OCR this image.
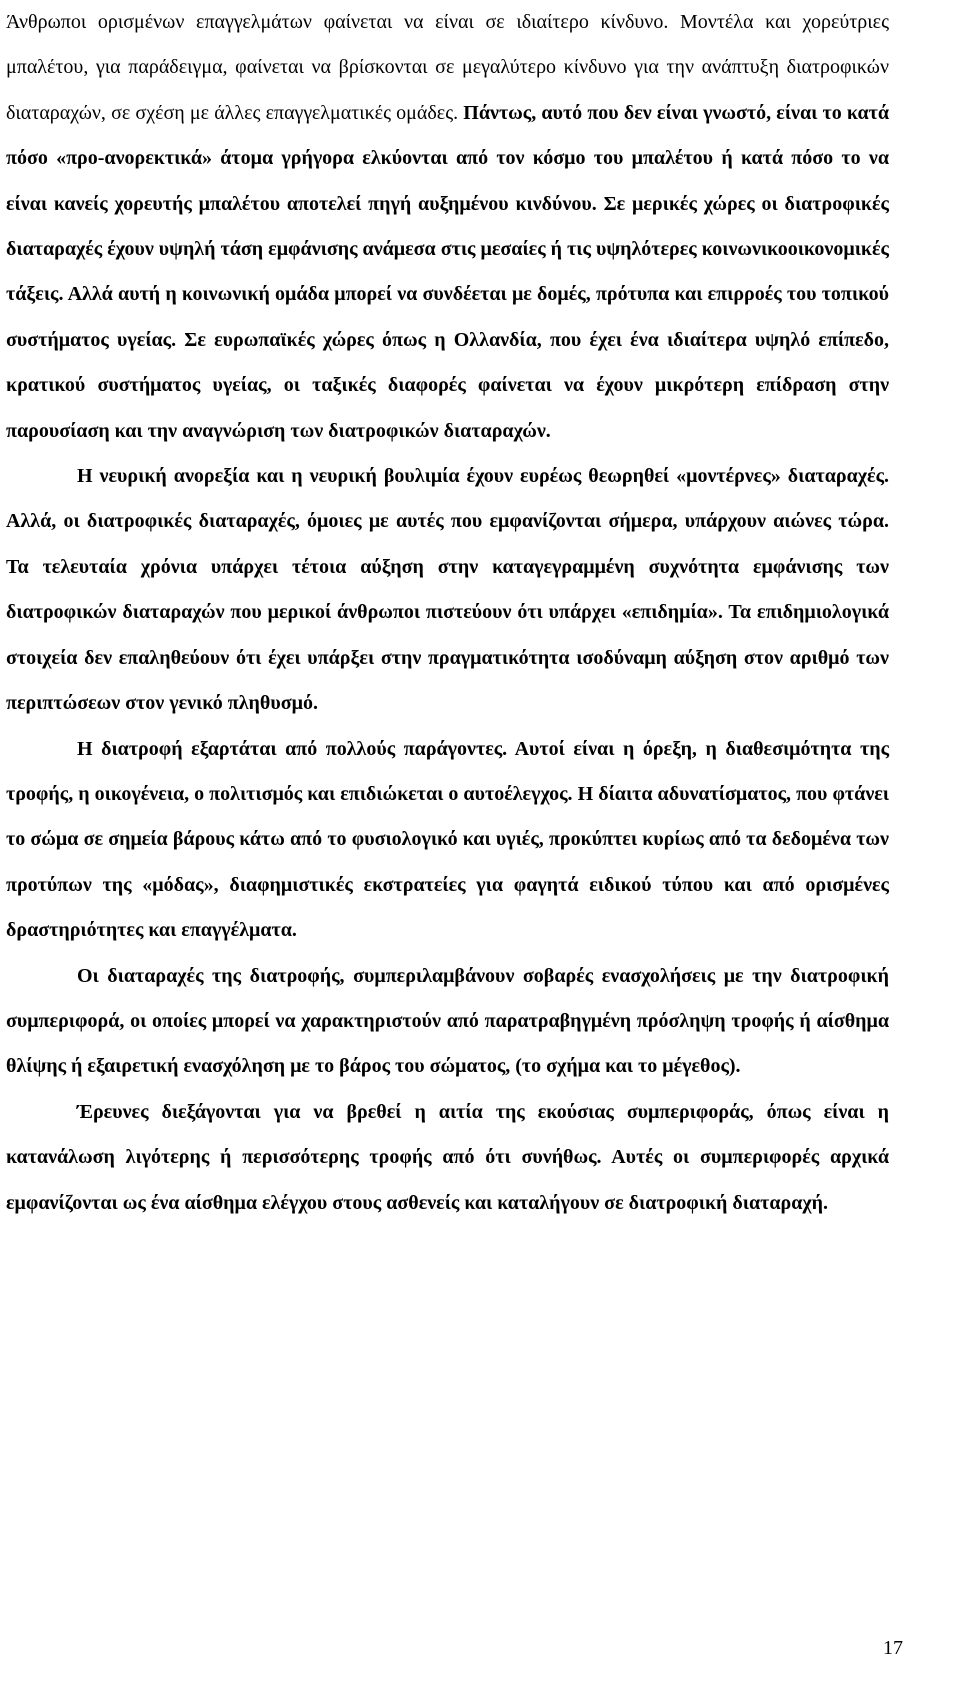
Άνθρωποι ορισμένων επαγγελμάτων φαίνεται να είναι σε ιδιαίτερο κίνδυνο. Μοντέλα και χορεύτριες μπαλέτου, για παράδειγμα, φαίνεται να βρίσκονται σε μεγαλύτερο κίνδυνο για την ανάπτυξη διατροφικών διαταραχών, σε σχέση με άλλες επαγγελματικές ομάδες. Πάντως, αυτό που δεν είναι γνωστό, είναι το κατά πόσο «προ-ανορεκτικά» άτομα γρήγορα ελκύονται από τον κόσμο του μπαλέτου ή κατά πόσο το να είναι κανείς χορευτής μπαλέτου αποτελεί πηγή αυξημένου κινδύνου. Σε μερικές χώρες οι διατροφικές διαταραχές έχουν υψηλή τάση εμφάνισης ανάμεσα στις μεσαίες ή τις υψηλότερες κοινωνικοοικονομικές τάξεις. Αλλά αυτή η κοινωνική ομάδα μπορεί να συνδέεται με δομές, πρότυπα και επιρροές του τοπικού συστήματος υγείας. Σε ευρωπαϊκές χώρες όπως η Ολλανδία, που έχει ένα ιδιαίτερα υψηλό επίπεδο, κρατικού συστήματος υγείας, οι ταξικές διαφορές φαίνεται να έχουν μικρότερη επίδραση στην παρουσίαση και την αναγνώριση των διατροφικών διαταραχών.

Η νευρική ανορεξία και η νευρική βουλιμία έχουν ευρέως θεωρηθεί «μοντέρνες» διαταραχές. Αλλά, οι διατροφικές διαταραχές, όμοιες με αυτές που εμφανίζονται σήμερα, υπάρχουν αιώνες τώρα. Τα τελευταία χρόνια υπάρχει τέτοια αύξηση στην καταγεγραμμένη συχνότητα εμφάνισης των διατροφικών διαταραχών που μερικοί άνθρωποι πιστεύουν ότι υπάρχει «επιδημία». Τα επιδημιολογικά στοιχεία δεν επαληθεύουν ότι έχει υπάρξει στην πραγματικότητα ισοδύναμη αύξηση στον αριθμό των περιπτώσεων στον γενικό πληθυσμό.

Η διατροφή εξαρτάται από πολλούς παράγοντες. Αυτοί είναι η όρεξη, η διαθεσιμότητα της τροφής, η οικογένεια, ο πολιτισμός και επιδιώκεται ο αυτοέλεγχος. Η δίαιτα αδυνατίσματος, που φτάνει το σώμα σε σημεία βάρους κάτω από το φυσιολογικό και υγιές, προκύπτει κυρίως από τα δεδομένα των προτύπων της «μόδας», διαφημιστικές εκστρατείες για φαγητά ειδικού τύπου και από ορισμένες δραστηριότητες και επαγγέλματα.

Οι διαταραχές της διατροφής, συμπεριλαμβάνουν σοβαρές ενασχολήσεις με την διατροφική συμπεριφορά, οι οποίες μπορεί να χαρακτηριστούν από παρατραβηγμένη πρόσληψη τροφής ή αίσθημα θλίψης ή εξαιρετική ενασχόληση με το βάρος του σώματος, (το σχήμα και το μέγεθος).

Έρευνες διεξάγονται για να βρεθεί η αιτία της εκούσιας συμπεριφοράς, όπως είναι η κατανάλωση λιγότερης ή περισσότερης τροφής από ότι συνήθως. Αυτές οι συμπεριφορές αρχικά εμφανίζονται ως ένα αίσθημα ελέγχου στους ασθενείς και καταλήγουν σε διατροφική διαταραχή.

17
